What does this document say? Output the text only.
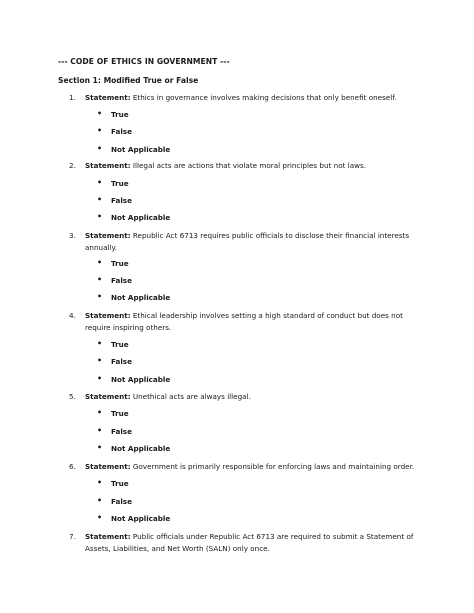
--- CODE OF ETHICS IN GOVERNMENT ---
Section 1: Modified True or False
1. Statement: Ethics in governance involves making decisions that only benefit oneself.
• True
• False
• Not Applicable
2. Statement: Illegal acts are actions that violate moral principles but not laws.
• True
• False
• Not Applicable
3. Statement: Republic Act 6713 requires public officials to disclose their financial interests annually.
• True
• False
• Not Applicable
4. Statement: Ethical leadership involves setting a high standard of conduct but does not require inspiring others.
• True
• False
• Not Applicable
5. Statement: Unethical acts are always illegal.
• True
• False
• Not Applicable
6. Statement: Government is primarily responsible for enforcing laws and maintaining order.
• True
• False
• Not Applicable
7. Statement: Public officials under Republic Act 6713 are required to submit a Statement of Assets, Liabilities, and Net Worth (SALN) only once.
